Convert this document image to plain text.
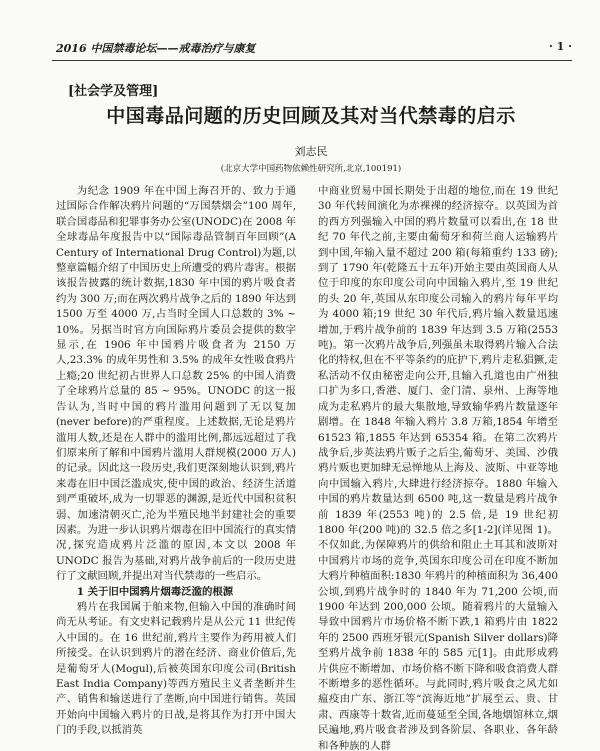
2016 中国禁毒论坛——戒毒治疗与康复	· 1 ·
[社会学及管理]
中国毒品问题的历史回顾及其对当代禁毒的启示
刘志民
(北京大学中国药物依赖性研究所,北京,100191)

为纪念 1909 年在中国上海召开的、致力于通过国际合作解决鸦片问题的“万国禁烟会”100 周年,联合国毒品和犯罪事务办公室(UNODC)在 2008 年全球毒品年度报告中以“国际毒品管制百年回顾”(A Century of International Drug Control)为题,以整章篇幅介绍了中国历史上所遭受的鸦片毒害。根据该报告披露的统计数据,1830 年中国的鸦片吸食者约为 300 万;而在两次鸦片战争之后的 1890 年达到 1500 万至 4000 万,占当时全国人口总数的 3% ~ 10%。另据当时官方向国际鸦片委员会提供的数字显示,在 1906 年中国鸦片吸食者为 2150 万人,23.3% 的成年男性和 3.5% 的成年女性吸食鸦片上瘾;20 世纪初占世界人口总数 25% 的中国人消费了全球鸦片总量的 85 ~ 95%。UNODC 的这一报告认为,当时中国的鸦片滥用问题到了无以复加(never before)的严重程度。上述数据,无论是鸦片滥用人数,还是在人群中的滥用比例,都远远超过了我们原来所了解和中国鸦片滥用人群规模(2000 万人)的记录。因此这一段历史,我们更深刻地认识到,鸦片来毒在旧中国泛滥成灾,使中国的政治、经济生活道到严重破坏,成为一切罪恶的渊源,是近代中国积贫积弱、加速清朝灭亡,沦为半殖民地半封建社会的重要因素。为进一步认识鸦片烟毒在旧中国流行的真实情况,探究造成鸦片泛滥的原因,本文以 2008 年 UNODC 报告为基础,对鸦片战争前后的一段历史进行了文献回顾,并提出对当代禁毒的一些启示。

1 关于旧中国鸦片烟毒泛滥的根源

鸦片在我国属于舶来物,但输入中国的准确时间尚无从考证。有文史料记载鸦片是从公元 11 世纪传入中国的。在 16 世纪前,鸦片主要作为药用被人们所接受。在认识到鸦片的潜在经济、商业价值后,先是葡萄牙人(Mogul),后被英国东印度公司(British East India Company)等西方殖民主义者垄断并生产、销售和输送进行了垄断,向中国进行销售。英国开始向中国输入鸦片的日战,是将其作为打开中国大门的手段,以抵消英

中商业贸易中国长期处于出超的地位,而在 19 世纪 30 年代转间演化为赤裸裸的经济掠夺。以英国为首的西方列强输入中国的鸦片数量可以看出,在 18 世纪 70 年代之前,主要由葡萄牙和荷兰商人运输鸦片到中国,年输入量不超过 200 箱(每箱重约 133 磅);到了 1790 年(乾隆五十五年)开始主要由英国商人从位于印度的东印度公司向中国输入鸦片,至 19 世纪的头 20 年,英国从东印度公司输入的鸦片每年平均为 4000 箱;19 世纪 30 年代后,鸦片输入数量迅速增加,于鸦片战争前的 1839 年达到 3.5 万箱(2553 吨)。第一次鸦片战争后,列强虽未取得鸦片输入合法化的特权,但在不平等条约的庇护下,鸦片走私猖獗,走私活动不仅由秘密走向公开,且输入孔道也由广州独口扩为多口,香港、厦门、金门清、泉州、上海等地成为走私鸦片的最大集散地,导致输华鸦片数量逐年剧增。在 1848 年输入鸦片 3.8 万箱,1854 年增至 61523 箱,1855 年达到 65354 箱。在第二次鸦片战争后,步英法鸦片贩子之后尘,葡萄牙、美国、沙俄鸦片贩也更加肆无忌惮地从上海及、波斯、中亚等地向中国输入鸦片,大肆进行经济掠夺。1880 年输入中国的鸦片数量达到 6500 吨,这一数量是鸦片战争前 1839 年(2553 吨)的 2.5 倍,是 19 世纪初 1800 年(200 吨)的 32.5 倍之多[1-2](详见图 1)。不仅如此,为保障鸦片的供给和阻止土耳其和波斯对中国鸦片市场的竞争,英国东印度公司在印度不断加大鸦片种植面积:1830 年鸦片的种植面积为 36,400 公顷,到鸦片战争时的 1840 年为 71,200 公顷,而 1900 年达到 200,000 公顷。随着鸦片的大量输入导致中国鸦片市场价格不断下跌,1 箱鸦片由 1822 年的 2500 西班牙银元(Spanish Silver dollars)降至鸦片战争前 1838 年的 585 元[1]。由此形成鸦片供应不断增加、市场价格不断下降和吸食消费人群不断增多的恶性循环。与此同时,鸦片吸食之风尤如瘟疫由广东、浙江等“滨海近地”扩展至云、贵、甘肃、西康等十数省,近而蔓延至全国,各地烟馆林立,烟民遍地,鸦片吸食者涉及到各阶层、各职业、各年龄和各种族的人群
